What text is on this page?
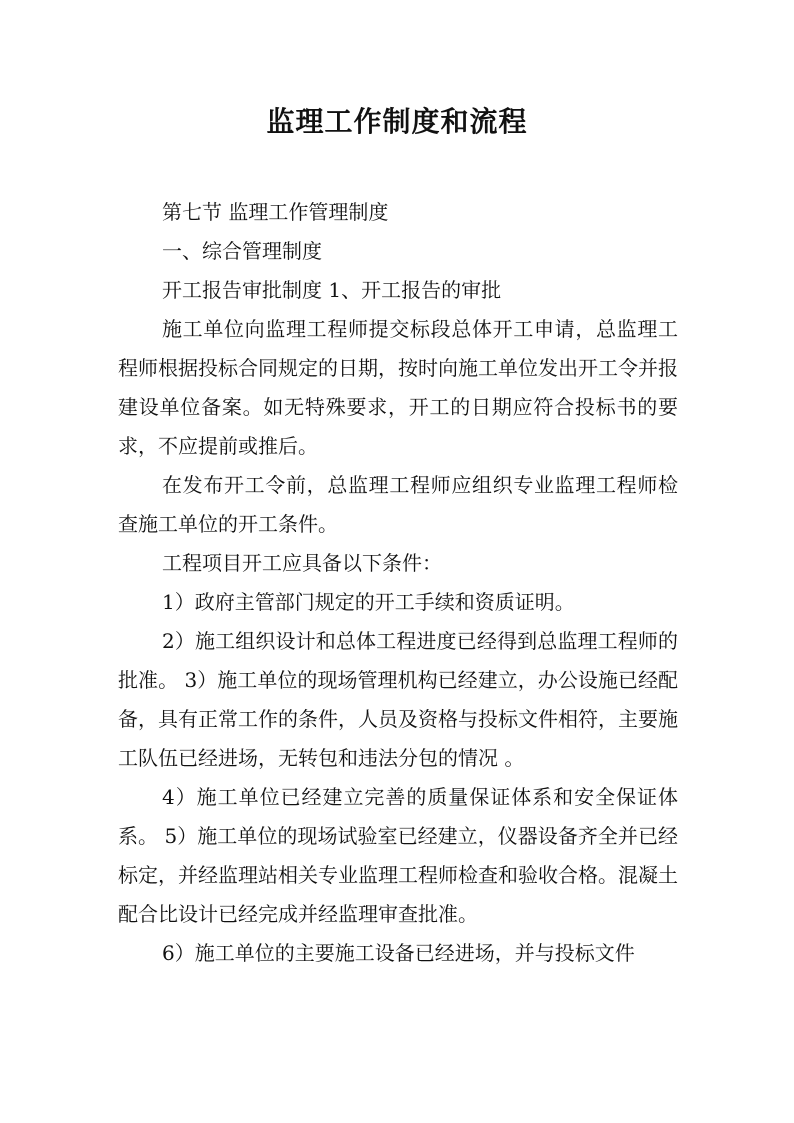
监理工作制度和流程

第七节 监理工作管理制度

一、综合管理制度

开工报告审批制度 1、开工报告的审批

施工单位向监理工程师提交标段总体开工申请，总监理工程师根据投标合同规定的日期，按时向施工单位发出开工令并报建设单位备案。如无特殊要求，开工的日期应符合投标书的要求，不应提前或推后。

在发布开工令前，总监理工程师应组织专业监理工程师检查施工单位的开工条件。

工程项目开工应具备以下条件：

1）政府主管部门规定的开工手续和资质证明。

2）施工组织设计和总体工程进度已经得到总监理工程师的批准。 3）施工单位的现场管理机构已经建立，办公设施已经配备，具有正常工作的条件，人员及资格与投标文件相符，主要施工队伍已经进场，无转包和违法分包的情况 。

4）施工单位已经建立完善的质量保证体系和安全保证体系。 5）施工单位的现场试验室已经建立，仪器设备齐全并已经标定，并经监理站相关专业监理工程师检查和验收合格。混凝土配合比设计已经完成并经监理审查批准。

6）施工单位的主要施工设备已经进场，并与投标文件
